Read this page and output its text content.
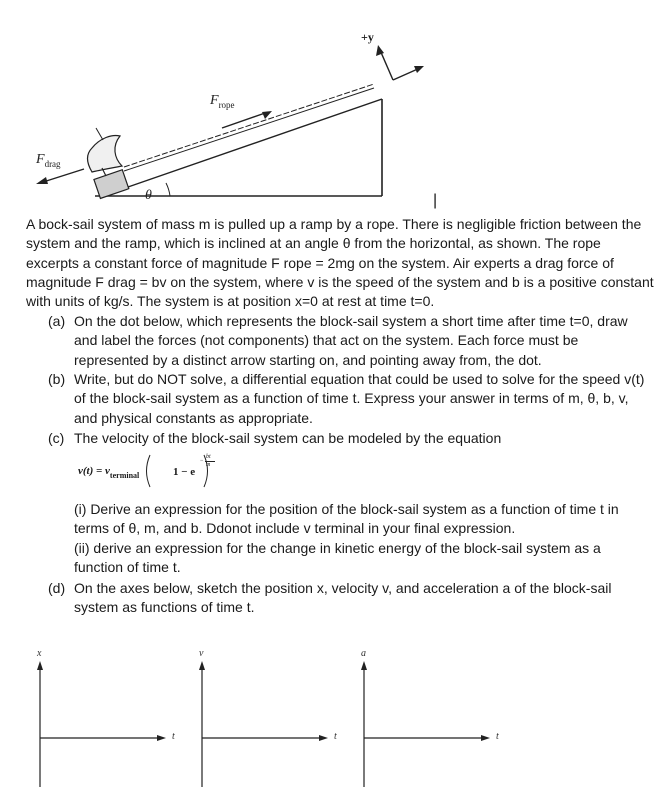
+y
$F_{rope}$
$F_{drag}$
θ	|
A bock-sail system of mass m is pulled up a ramp by a rope. There is negligible friction between the system and the ramp, which is inclined at an angle θ from the horizontal, as shown. The rope excerpts a constant force of magnitude F rope = 2mg on the system. Air experts a drag force of magnitude F drag = bv on the system, where v is the speed of the system and b is a positive constant with units of kg/s. The system is at position x=0 at rest at time t=0.
(a) On the dot below, which represents the block-sail system a short time after time t=0, draw and label the forces (not components) that act on the system. Each force must be represented by a distinct arrow starting on, and pointing away from, the dot.
(b) Write, but do NOT solve, a differential equation that could be used to solve for the speed v(t) of the block-sail system as a function of time t. Express your answer in terms of m, θ, b, v, and physical constants as appropriate.
(c) The velocity of the block-sail system can be modeled by the equation
v(t) = v terminal	1 − e
−
bt
m
(i) Derive an expression for the position of the block-sail system as a function of time t in terms of θ, m, and b. Ddonot include v terminal in your final expression.
(ii) derive an expression for the change in kinetic energy of the block-sail system as a function of time t.
(d) On the axes below, sketch the position x, velocity v, and acceleration a of the block-sail system as functions of time t.
x
t
v
t
a
t
